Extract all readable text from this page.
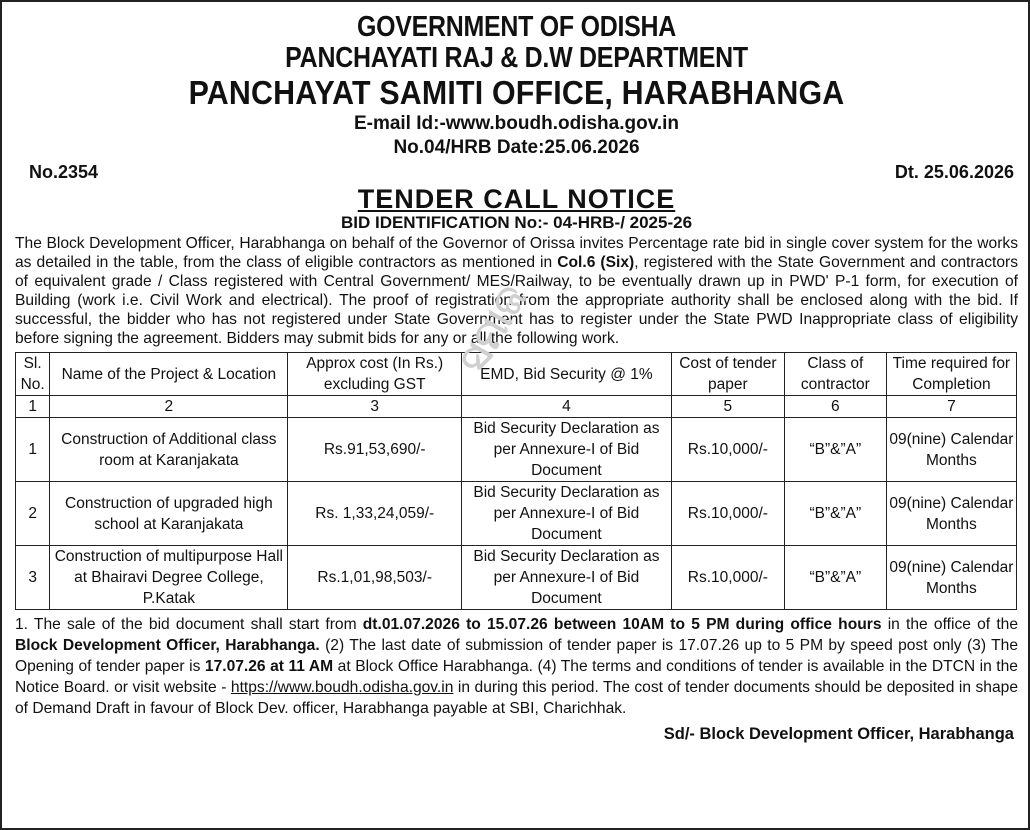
GOVERNMENT OF ODISHA
PANCHAYATI RAJ & D.W DEPARTMENT
PANCHAYAT SAMITI OFFICE, HARABHANGA
E-mail Id:-www.boudh.odisha.gov.in
No.04/HRB Date:25.06.2026
No.2354	Dt. 25.06.2026
TENDER CALL NOTICE
BID IDENTIFICATION No:- 04-HRB-/ 2025-26
The Block Development Officer, Harabhanga on behalf of the Governor of Orissa invites Percentage rate bid in single cover system for the works as detailed in the table, from the class of eligible contractors as mentioned in Col.6 (Six), registered with the State Government and contractors of equivalent grade / Class registered with Central Government/ MES/Railway, to be eventually drawn up in PWD' P-1 form, for execution of Building (work i.e. Civil Work and electrical). The proof of registration from the appropriate authority shall be enclosed along with the bid. If successful, the bidder who has not registered under State Government has to register under the State PWD Inappropriate class of eligibility before signing the agreement. Bidders may submit bids for any or all the following work.
Sl. No.	Name of the Project & Location	Approx cost (In Rs.) excluding GST	EMD, Bid Security @ 1%	Cost of tender paper	Class of contractor	Time required for Completion
1	2	3	4	5	6	7
1	Construction of Additional class room at Karanjakata	Rs.91,53,690/-	Bid Security Declaration as per Annexure-I of Bid Document	Rs.10,000/-	“B”&”A”	09(nine) Calendar Months
2	Construction of upgraded high school at Karanjakata	Rs. 1,33,24,059/-	Bid Security Declaration as per Annexure-I of Bid Document	Rs.10,000/-	“B”&”A”	09(nine) Calendar Months
3	Construction of multipurpose Hall at Bhairavi Degree College, P.Katak	Rs.1,01,98,503/-	Bid Security Declaration as per Annexure-I of Bid Document	Rs.10,000/-	“B”&”A”	09(nine) Calendar Months
1. The sale of the bid document shall start from dt.01.07.2026 to 15.07.26 between 10AM to 5 PM during office hours in the office of the Block Development Officer, Harabhanga. (2) The last date of submission of tender paper is 17.07.26 up to 5 PM by speed post only (3) The Opening of tender paper is 17.07.26 at 11 AM at Block Office Harabhanga. (4) The terms and conditions of tender is available in the DTCN in the Notice Board. or visit website - https://www.boudh.odisha.gov.in in during this period. The cost of tender documents should be deposited in shape of Demand Draft in favour of Block Dev. officer, Harabhanga payable at SBI, Charichhak.
Sd/- Block Development Officer, Harabhanga
ସମାଜ
